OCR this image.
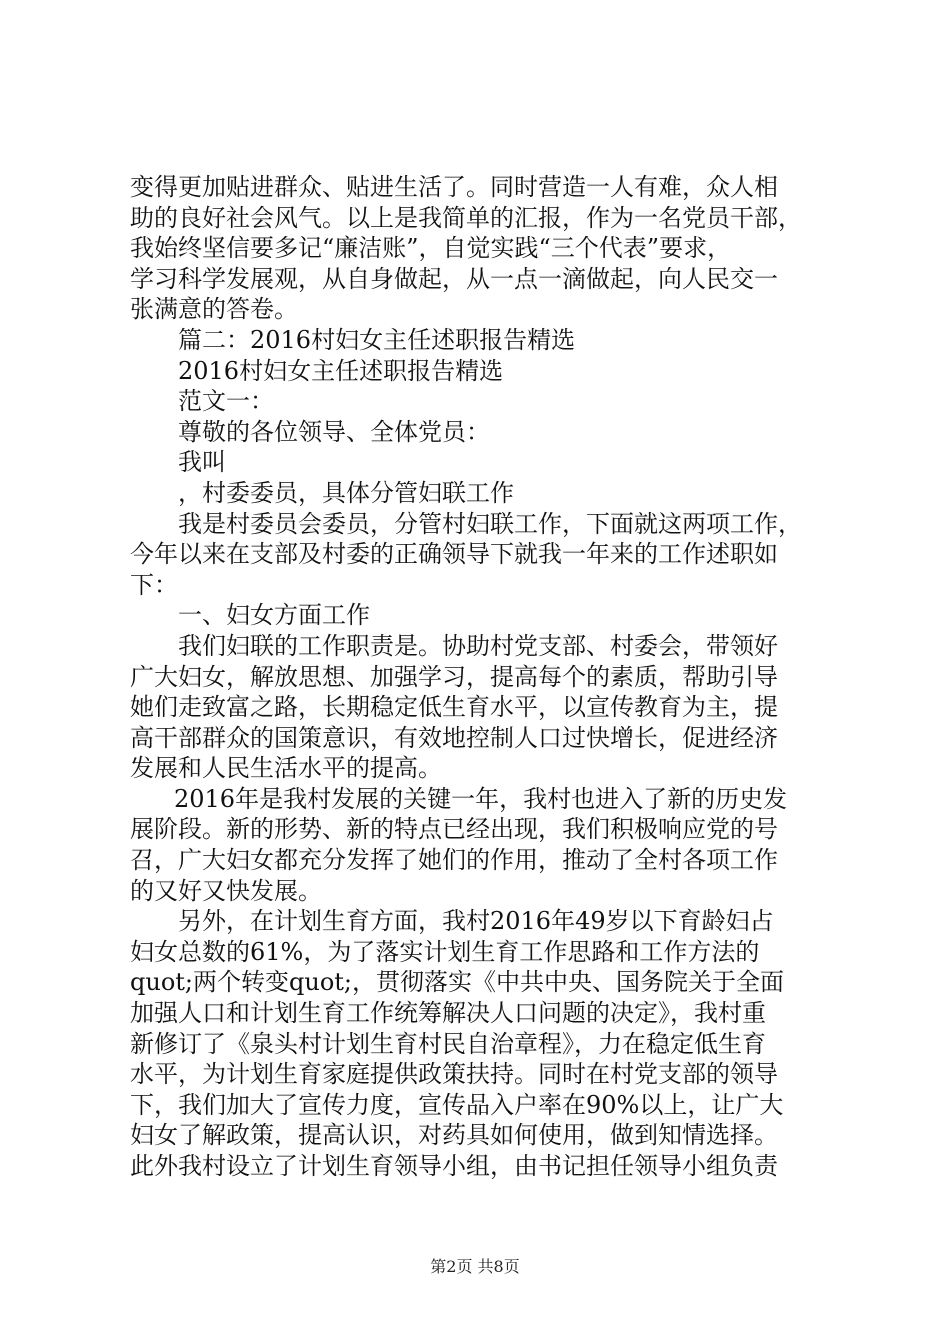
变得更加贴进群众、贴进生活了。同时营造一人有难，众人相
助的良好社会风气。以上是我简单的汇报，作为一名党员干部，
我始终坚信要多记“廉洁账”，自觉实践“三个代表”要求，
学习科学发展观，从自身做起，从一点一滴做起，向人民交一
张满意的答卷。
篇二：2016村妇女主任述职报告精选
2016村妇女主任述职报告精选
范文一：
尊敬的各位领导、全体党员：
我叫
，村委委员，具体分管妇联工作
我是村委员会委员，分管村妇联工作，下面就这两项工作，
今年以来在支部及村委的正确领导下就我一年来的工作述职如
下：
一、妇女方面工作
我们妇联的工作职责是。协助村党支部、村委会，带领好
广大妇女，解放思想、加强学习，提高每个的素质，帮助引导
她们走致富之路，长期稳定低生育水平，以宣传教育为主，提
高干部群众的国策意识，有效地控制人口过快增长，促进经济
发展和人民生活水平的提高。
2016年是我村发展的关键一年，我村也进入了新的历史发
展阶段。新的形势、新的特点已经出现，我们积极响应党的号
召，广大妇女都充分发挥了她们的作用，推动了全村各项工作
的又好又快发展。
另外，在计划生育方面，我村2016年49岁以下育龄妇占
妇女总数的61%，为了落实计划生育工作思路和工作方法的
quot;两个转变quot;，贯彻落实《中共中央、国务院关于全面
加强人口和计划生育工作统筹解决人口问题的决定》，我村重
新修订了《泉头村计划生育村民自治章程》，力在稳定低生育
水平，为计划生育家庭提供政策扶持。同时在村党支部的领导
下，我们加大了宣传力度，宣传品入户率在90%以上，让广大
妇女了解政策，提高认识，对药具如何使用，做到知情选择。
此外我村设立了计划生育领导小组，由书记担任领导小组负责
第2页 共8页
